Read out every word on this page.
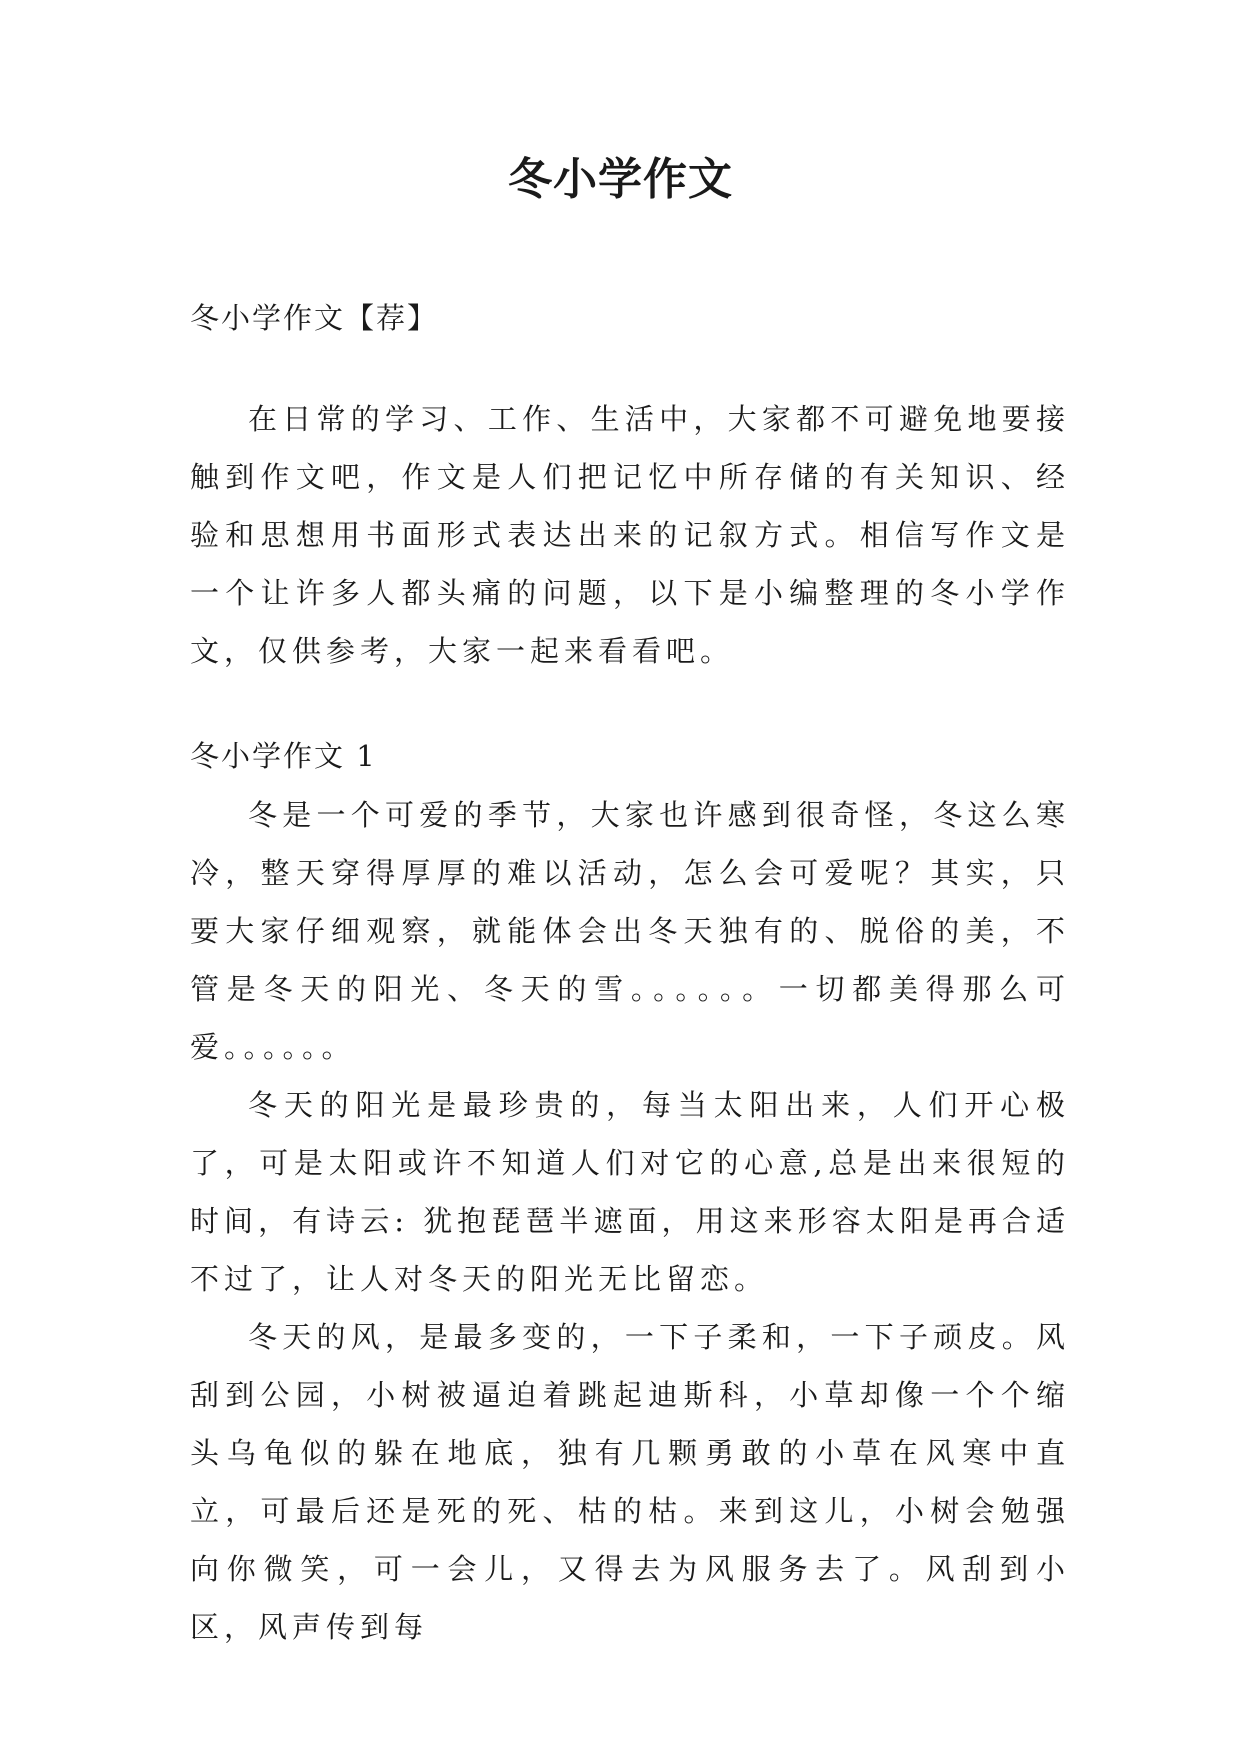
冬小学作文

冬小学作文【荐】

在日常的学习、工作、生活中，大家都不可避免地要接触到作文吧，作文是人们把记忆中所存储的有关知识、经验和思想用书面形式表达出来的记叙方式。相信写作文是一个让许多人都头痛的问题，以下是小编整理的冬小学作文，仅供参考，大家一起来看看吧。

冬小学作文 1

冬是一个可爱的季节，大家也许感到很奇怪，冬这么寒冷，整天穿得厚厚的难以活动，怎么会可爱呢？其实，只要大家仔细观察，就能体会出冬天独有的、脱俗的美，不管是冬天的阳光、冬天的雪。。。。。。一切都美得那么可爱。。。。。。

冬天的阳光是最珍贵的，每当太阳出来，人们开心极了，可是太阳或许不知道人们对它的心意,总是出来很短的时间，有诗云: 犹抱琵琶半遮面，用这来形容太阳是再合适不过了，让人对冬天的阳光无比留恋。

冬天的风，是最多变的，一下子柔和，一下子顽皮。风刮到公园，小树被逼迫着跳起迪斯科，小草却像一个个缩头乌龟似的躲在地底，独有几颗勇敢的小草在风寒中直立，可最后还是死的死、枯的枯。来到这儿，小树会勉强向你微笑，可一会儿，又得去为风服务去了。风刮到小区，风声传到每
